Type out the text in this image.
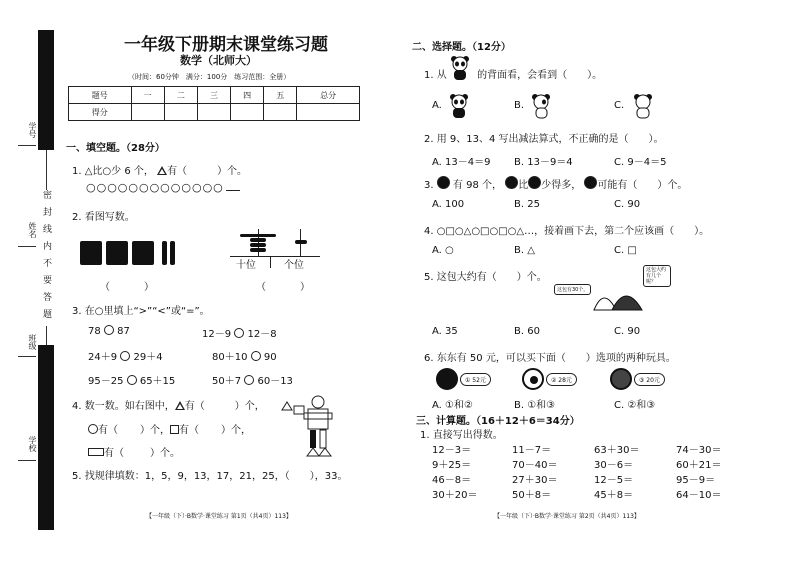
学号
姓名
班级
学校
密封线内不要答题
一年级下册期末课堂练习题
数学（北师大）
（时间：60分钟　满分：100分　练习范围：全册）
题号	一	二	三	四	五	总分
得分						
一、填空题。（28分）
1. △比○少 6 个， 有（	）个。
○○○○○○○○○○○○○
2. 看图写数。
十位	个位
（	）	（	）
3. 在○里填上“>”“<”或“=”。
78 87	12－9 12－8
24＋9 29＋4	80＋10 90
95－25 65＋15	50＋7 60－13
4. 数一数。如右图中， 有（	）个，
有（ ）个， 有（ ）个，
有（	）个。
5. 找规律填数：1，5，9，13，17，21，25，（　　），33。
【一年级（下）·B数学·课堂练习 第1页（共4页）113】
二、选择题。（12分）
1. 从	的背面看，会看到（　　）。
A.	B.	C.
2. 用 9、13、4 写出减法算式，不正确的是（　　）。
A. 13－4＝9 B. 13－9＝4	C. 9－4＝5
3. 有 98 个， 比 少得多， 可能有（　　）个。
A. 100	B. 25	C. 90
4. ○□○△○□○□○△…，接着画下去，第二个应该画（　　）。
A. ○	B. △	C. □
5. 这包大约有（　　）个。
这包有30个。
这包大约有几个呢？
A. 35	B. 60	C. 90
6. 东东有 50 元，可以买下面（　　）选项的两种玩具。
① 52元	② 28元	③ 20元
A. ①和②	B. ①和③	C. ②和③
三、计算题。（16＋12＋6＝34分）
1. 直接写出得数。
12－3＝	11－7＝	63＋30＝	74－30＝
9＋25＝	70－40＝	30－6＝	60＋21＝
46－8＝	27＋30＝	12－5＝	95－9＝
30＋20＝	50＋8＝	45＋8＝	64－10＝
【一年级（下）·B数学·课堂练习 第2页（共4页）113】
